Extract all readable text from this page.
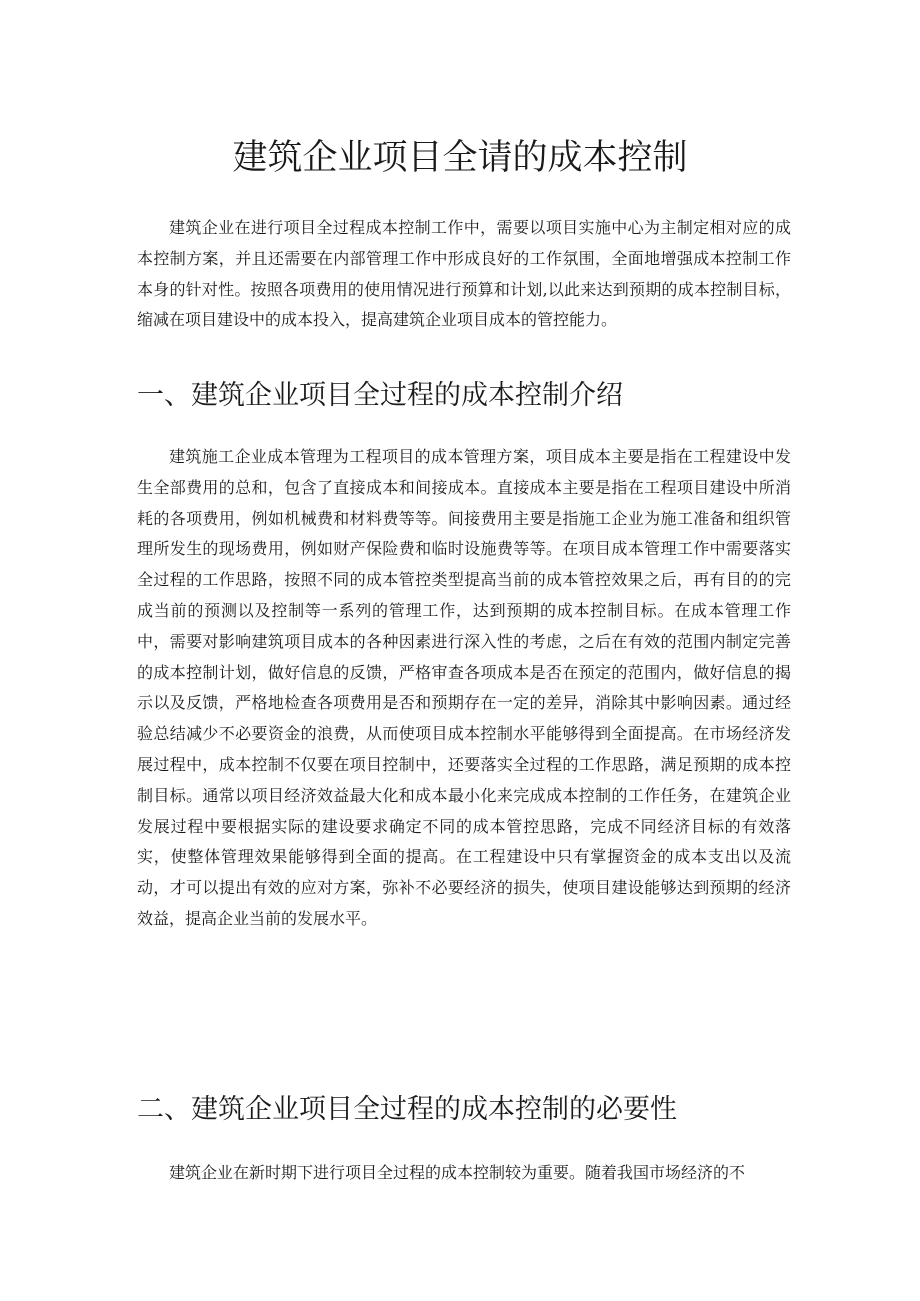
建筑企业项目全请的成本控制

建筑企业在进行项目全过程成本控制工作中，需要以项目实施中心为主制定相对应的成本控制方案，并且还需要在内部管理工作中形成良好的工作氛围，全面地增强成本控制工作本身的针对性。按照各项费用的使用情况进行预算和计划,以此来达到预期的成本控制目标，缩减在项目建设中的成本投入，提高建筑企业项目成本的管控能力。

一、建筑企业项目全过程的成本控制介绍

建筑施工企业成本管理为工程项目的成本管理方案，项目成本主要是指在工程建设中发生全部费用的总和，包含了直接成本和间接成本。直接成本主要是指在工程项目建设中所消耗的各项费用，例如机械费和材料费等等。间接费用主要是指施工企业为施工准备和组织管理所发生的现场费用，例如财产保险费和临时设施费等等。在项目成本管理工作中需要落实全过程的工作思路，按照不同的成本管控类型提高当前的成本管控效果之后，再有目的的完成当前的预测以及控制等一系列的管理工作，达到预期的成本控制目标。在成本管理工作中，需要对影响建筑项目成本的各种因素进行深入性的考虑，之后在有效的范围内制定完善的成本控制计划，做好信息的反馈，严格审查各项成本是否在预定的范围内，做好信息的揭示以及反馈，严格地检查各项费用是否和预期存在一定的差异，消除其中影响因素。通过经验总结减少不必要资金的浪费，从而使项目成本控制水平能够得到全面提高。在市场经济发展过程中，成本控制不仅要在项目控制中，还要落实全过程的工作思路，满足预期的成本控制目标。通常以项目经济效益最大化和成本最小化来完成成本控制的工作任务，在建筑企业发展过程中要根据实际的建设要求确定不同的成本管控思路，完成不同经济目标的有效落实，使整体管理效果能够得到全面的提高。在工程建设中只有掌握资金的成本支出以及流动，才可以提出有效的应对方案，弥补不必要经济的损失，使项目建设能够达到预期的经济效益，提高企业当前的发展水平。

二、建筑企业项目全过程的成本控制的必要性

建筑企业在新时期下进行项目全过程的成本控制较为重要。随着我国市场经济的不
